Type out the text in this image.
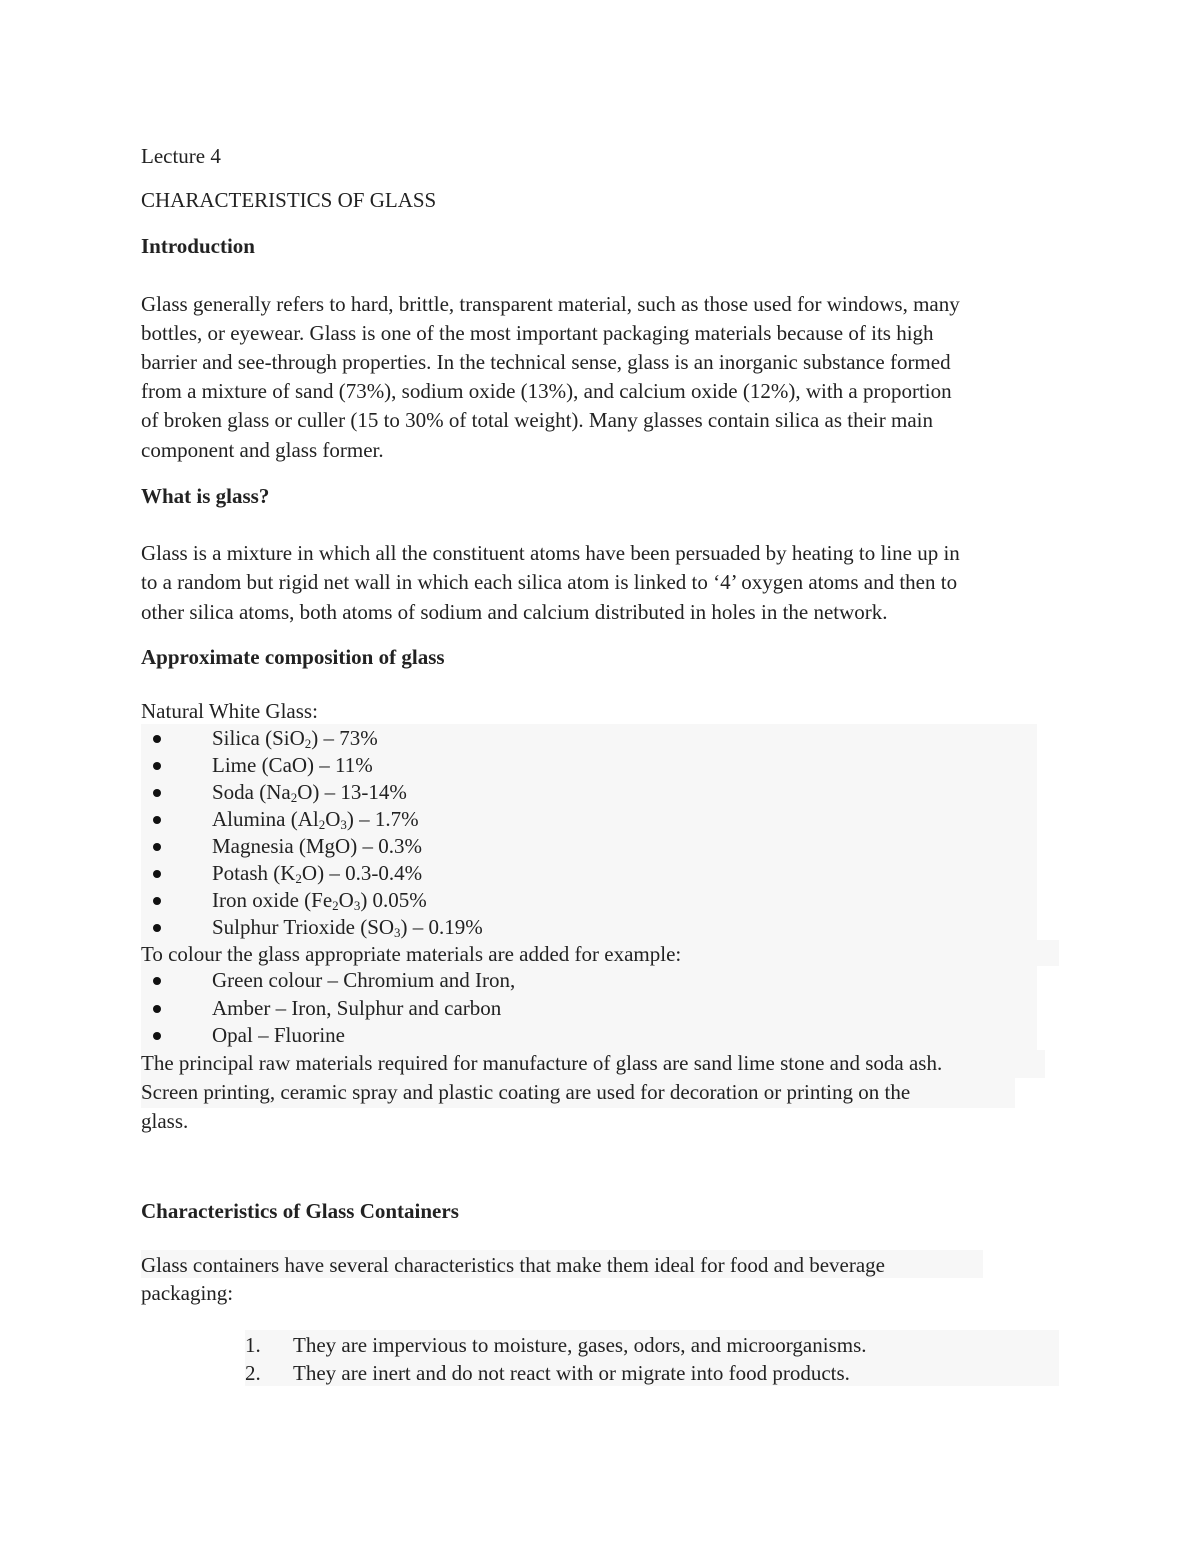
Lecture 4
CHARACTERISTICS OF GLASS
Introduction
Glass generally refers to hard, brittle, transparent material, such as those used for windows, many
bottles, or eyewear. Glass is one of the most important packaging materials because of its high
barrier and see-through properties. In the technical sense, glass is an inorganic substance formed
from a mixture of sand (73%), sodium oxide (13%), and calcium oxide (12%), with a proportion
of broken glass or culler (15 to 30% of total weight). Many glasses contain silica as their main
component and glass former.
What is glass?
Glass is a mixture in which all the constituent atoms have been persuaded by heating to line up in
to a random but rigid net wall in which each silica atom is linked to ‘4’ oxygen atoms and then to
other silica atoms, both atoms of sodium and calcium distributed in holes in the network.
Approximate composition of glass
Natural White Glass:
Silica (SiO$_2$) – 73%
Lime (CaO) – 11%
Soda $(Na_2O) - 13-14\%$
Alumina $(Al_2O_3) - 1.7\%$
Magnesia (MgO) – 0.3%
Potash $(K_2O) - 0.3-0.4\%$
Iron oxide $(Fe_2O_3)$ 0.05%
Sulphur Trioxide $(SO_3) - 0.19\%$
To colour the glass appropriate materials are added for example:
Green colour – Chromium and Iron,
Amber – Iron, Sulphur and carbon
Opal – Fluorine
The principal raw materials required for manufacture of glass are sand lime stone and soda ash.
Screen printing, ceramic spray and plastic coating are used for decoration or printing on the
glass.
Characteristics of Glass Containers
Glass containers have several characteristics that make them ideal for food and beverage
packaging:
1. They are impervious to moisture, gases, odors, and microorganisms.
2. They are inert and do not react with or migrate into food products.
